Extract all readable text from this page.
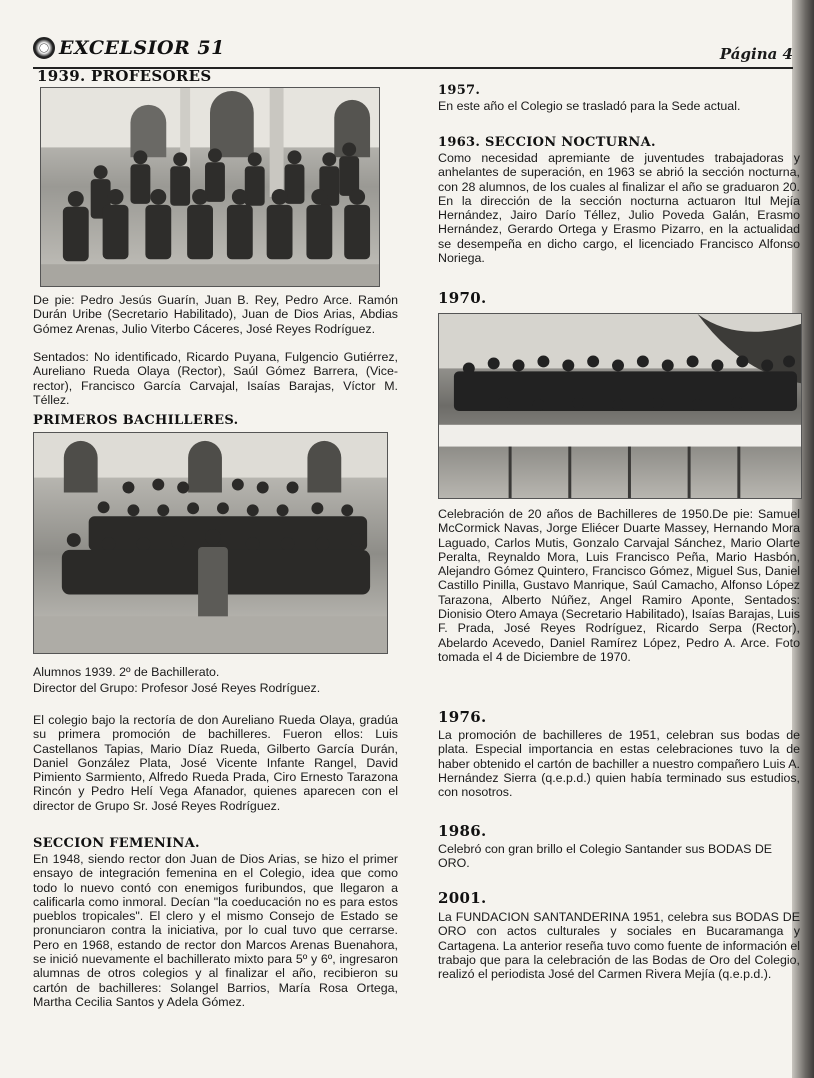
EXCELSIOR 51	Página 4
1939. PROFESORES
De pie: Pedro Jesús Guarín, Juan B. Rey, Pedro Arce. Ramón Durán Uribe (Secretario Habilitado), Juan de Dios Arias, Abdias Gómez Arenas, Julio Viterbo Cáceres, José Reyes Rodríguez.
Sentados: No identificado, Ricardo Puyana, Fulgencio Gutiérrez, Aureliano Rueda Olaya (Rector), Saúl Gómez Barrera, (Vice-rector), Francisco García Carvajal, Isaías Barajas, Víctor M. Téllez.
PRIMEROS BACHILLERES.
Alumnos 1939. 2º de Bachillerato.
Director del Grupo: Profesor José Reyes Rodríguez.
El colegio bajo la rectoría de don Aureliano Rueda Olaya, gradúa su primera promoción de bachilleres. Fueron ellos: Luis Castellanos Tapias, Mario Díaz Rueda, Gilberto García Durán, Daniel González Plata, José Vicente Infante Rangel, David Pimiento Sarmiento, Alfredo Rueda Prada, Ciro Ernesto Tarazona Rincón y Pedro Helí Vega Afanador, quienes aparecen con el director de Grupo Sr. José Reyes Rodríguez.
SECCION FEMENINA.
En 1948, siendo rector don Juan de Dios Arias, se hizo el primer ensayo de integración femenina en el Colegio, idea que como todo lo nuevo contó con enemigos furibundos, que llegaron a calificarla como inmoral. Decían "la coeducación no es para estos pueblos tropicales". El clero y el mismo Consejo de Estado se pronunciaron contra la iniciativa, por lo cual tuvo que cerrarse. Pero en 1968, estando de rector don Marcos Arenas Buenahora, se inició nuevamente el bachillerato mixto para 5º y 6º, ingresaron alumnas de otros colegios y al finalizar el año, recibieron su cartón de bachilleres: Solangel Barrios, María Rosa Ortega, Martha Cecilia Santos y Adela Gómez.
1957.
En este año el Colegio se trasladó para la Sede actual.
1963. SECCION NOCTURNA.
Como necesidad apremiante de juventudes trabajadoras y anhelantes de superación, en 1963 se abrió la sección nocturna, con 28 alumnos, de los cuales al finalizar el año se graduaron 20. En la dirección de la sección nocturna actuaron Itul Mejía Hernández, Jairo Darío Téllez, Julio Poveda Galán, Erasmo Hernández, Gerardo Ortega y Erasmo Pizarro, en la actualidad se desempeña en dicho cargo, el licenciado Francisco Alfonso Noriega.
1970.
Celebración de 20 años de Bachilleres de 1950.De pie: Samuel McCormick Navas, Jorge Eliécer Duarte Massey, Hernando Mora Laguado, Carlos Mutis, Gonzalo Carvajal Sánchez, Mario Olarte Peralta, Reynaldo Mora, Luis Francisco Peña, Mario Hasbón, Alejandro Gómez Quintero, Francisco Gómez, Miguel Sus, Daniel Castillo Pinilla, Gustavo Manrique, Saúl Camacho, Alfonso López Tarazona, Alberto Núñez, Angel Ramiro Aponte, Sentados: Dionisio Otero Amaya (Secretario Habilitado), Isaías Barajas, Luis F. Prada, José Reyes Rodríguez, Ricardo Serpa (Rector), Abelardo Acevedo, Daniel Ramírez López, Pedro A. Arce. Foto tomada el 4 de Diciembre de 1970.
1976.
La promoción de bachilleres de 1951, celebran sus bodas de plata. Especial importancia en estas celebraciones tuvo la de haber obtenido el cartón de bachiller a nuestro compañero Luis A. Hernández Sierra (q.e.p.d.) quien había terminado sus estudios, con nosotros.
1986.
Celebró con gran brillo el Colegio Santander sus BODAS DE ORO.
2001.
La FUNDACION SANTANDERINA 1951, celebra sus BODAS DE ORO con actos culturales y sociales en Bucaramanga y Cartagena. La anterior reseña tuvo como fuente de información el trabajo que para la celebración de las Bodas de Oro del Colegio, realizó el periodista José del Carmen Rivera Mejía (q.e.p.d.).
